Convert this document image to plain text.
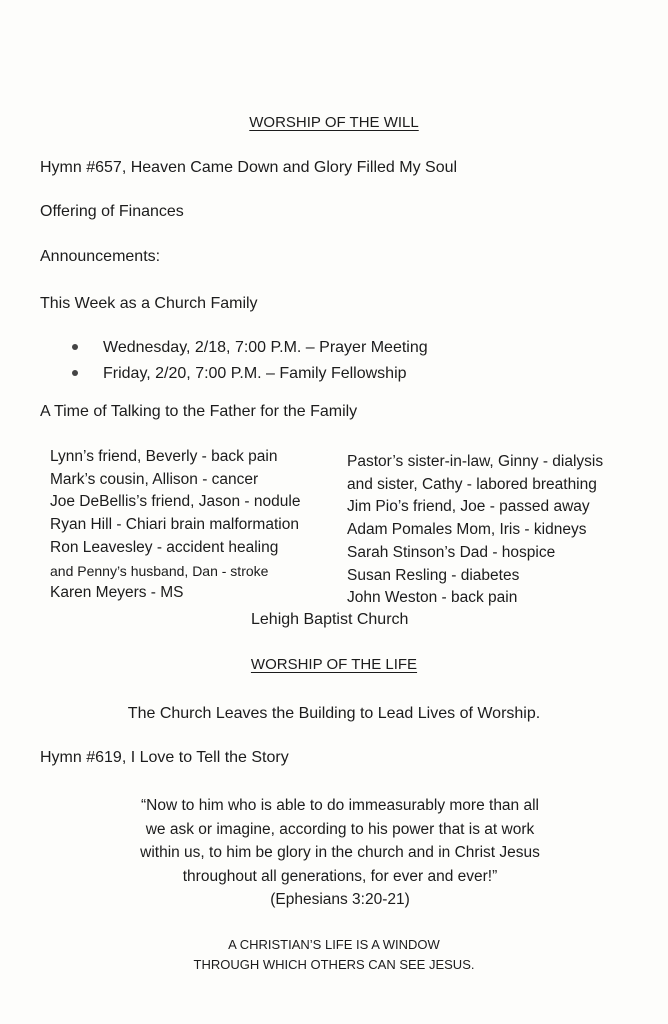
WORSHIP OF THE WILL
Hymn #657, Heaven Came Down and Glory Filled My Soul
Offering of Finances
Announcements:
This Week as a Church Family
Wednesday, 2/18, 7:00 P.M. – Prayer Meeting
Friday, 2/20, 7:00 P.M. – Family Fellowship
A Time of Talking to the Father for the Family
Lynn’s friend, Beverly - back pain
Mark’s cousin, Allison - cancer
Joe DeBellis’s friend, Jason - nodule
Ryan Hill - Chiari brain malformation
Ron Leavesley - accident healing
and Penny’s husband, Dan - stroke
Karen Meyers - MS
Pastor’s sister-in-law, Ginny - dialysis
and sister, Cathy - labored breathing
Jim Pio’s friend, Joe - passed away
Adam Pomales Mom, Iris - kidneys
Sarah Stinson’s Dad - hospice
Susan Resling - diabetes
John Weston - back pain
Lehigh Baptist Church
WORSHIP OF THE LIFE
The Church Leaves the Building to Lead Lives of Worship.
Hymn #619, I Love to Tell the Story
“Now to him who is able to do immeasurably more than all
we ask or imagine, according to his power that is at work
within us, to him be glory in the church and in Christ Jesus
throughout all generations, for ever and ever!”
(Ephesians 3:20-21)
A CHRISTIAN’S LIFE IS A WINDOW
THROUGH WHICH OTHERS CAN SEE JESUS.
